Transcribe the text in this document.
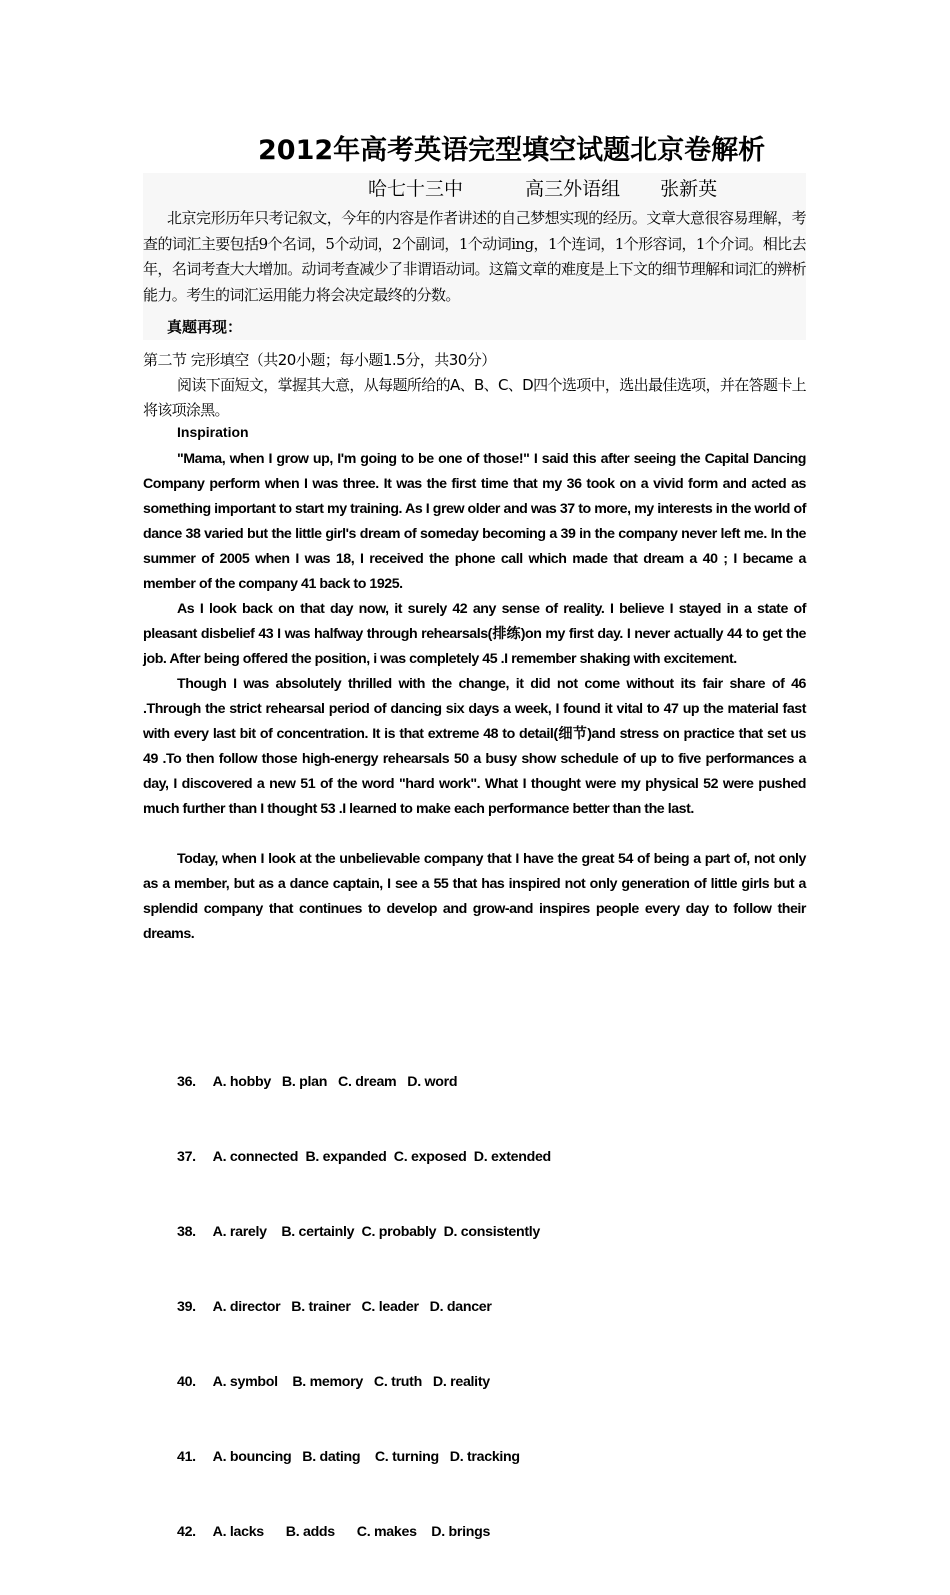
2012年高考英语完型填空试题北京卷解析
哈七十三中	高三外语组 张新英
北京完形历年只考记叙文，今年的内容是作者讲述的自己梦想实现的经历。文章大意很容易理解，考查的词汇主要包括9个名词，5个动词，2个副词，1个动词ing，1个连词，1个形容词，1个介词。相比去年，名词考查大大增加。动词考查减少了非谓语动词。这篇文章的难度是上下文的细节理解和词汇的辨析能力。考生的词汇运用能力将会决定最终的分数。
真题再现：
第二节 完形填空（共20小题；每小题1.5分，共30分）
阅读下面短文，掌握其大意，从每题所给的A、B、C、D四个选项中，选出最佳选项，并在答题卡上将该项涂黑。
Inspiration

"Mama, when I grow up, I'm going to be one of those!" I said this after seeing the Capital Dancing Company perform when I was three. It was the first time that my 36 took on a vivid form and acted as something important to start my training. As I grew older and was 37 to more, my interests in the world of dance 38 varied but the little girl's dream of someday becoming a 39 in the company never left me. In the summer of 2005 when I was 18, I received the phone call which made that dream a 40 ; I became a member of the company 41 back to 1925.

As I look back on that day now, it surely 42 any sense of reality. I believe I stayed in a state of pleasant disbelief 43 I was halfway through rehearsals(排练)on my first day. I never actually 44 to get the job. After being offered the position, i was completely 45 .I remember shaking with excitement.

Though I was absolutely thrilled with the change, it did not come without its fair share of 46 .Through the strict rehearsal period of dancing six days a week, I found it vital to 47 up the material fast with every last bit of concentration. It is that extreme 48 to detail(细节)and stress on practice that set us 49 .To then follow those high-energy rehearsals 50 a busy show schedule of up to five performances a day, I discovered a new 51 of the word "hard work". What I thought were my physical 52 were pushed much further than I thought 53 .I learned to make each performance better than the last.

Today, when I look at the unbelievable company that I have the great 54 of being a part of, not only as a member, but as a dance captain, I see a 55 that has inspired not only generation of little girls but a splendid company that continues to develop and grow-and inspires people every day to follow their dreams.

36. A. hobby B. plan C. dream D. word

37. A. connected B. expanded C. exposed D. extended

38. A. rarely B. certainly C. probably D. consistently

39. A. director B. trainer C. leader D. dancer

40. A. symbol B. memory C. truth D. reality

41. A. bouncing B. dating C. turning D. tracking

42. A. lacks B. adds C. makes D. brings
